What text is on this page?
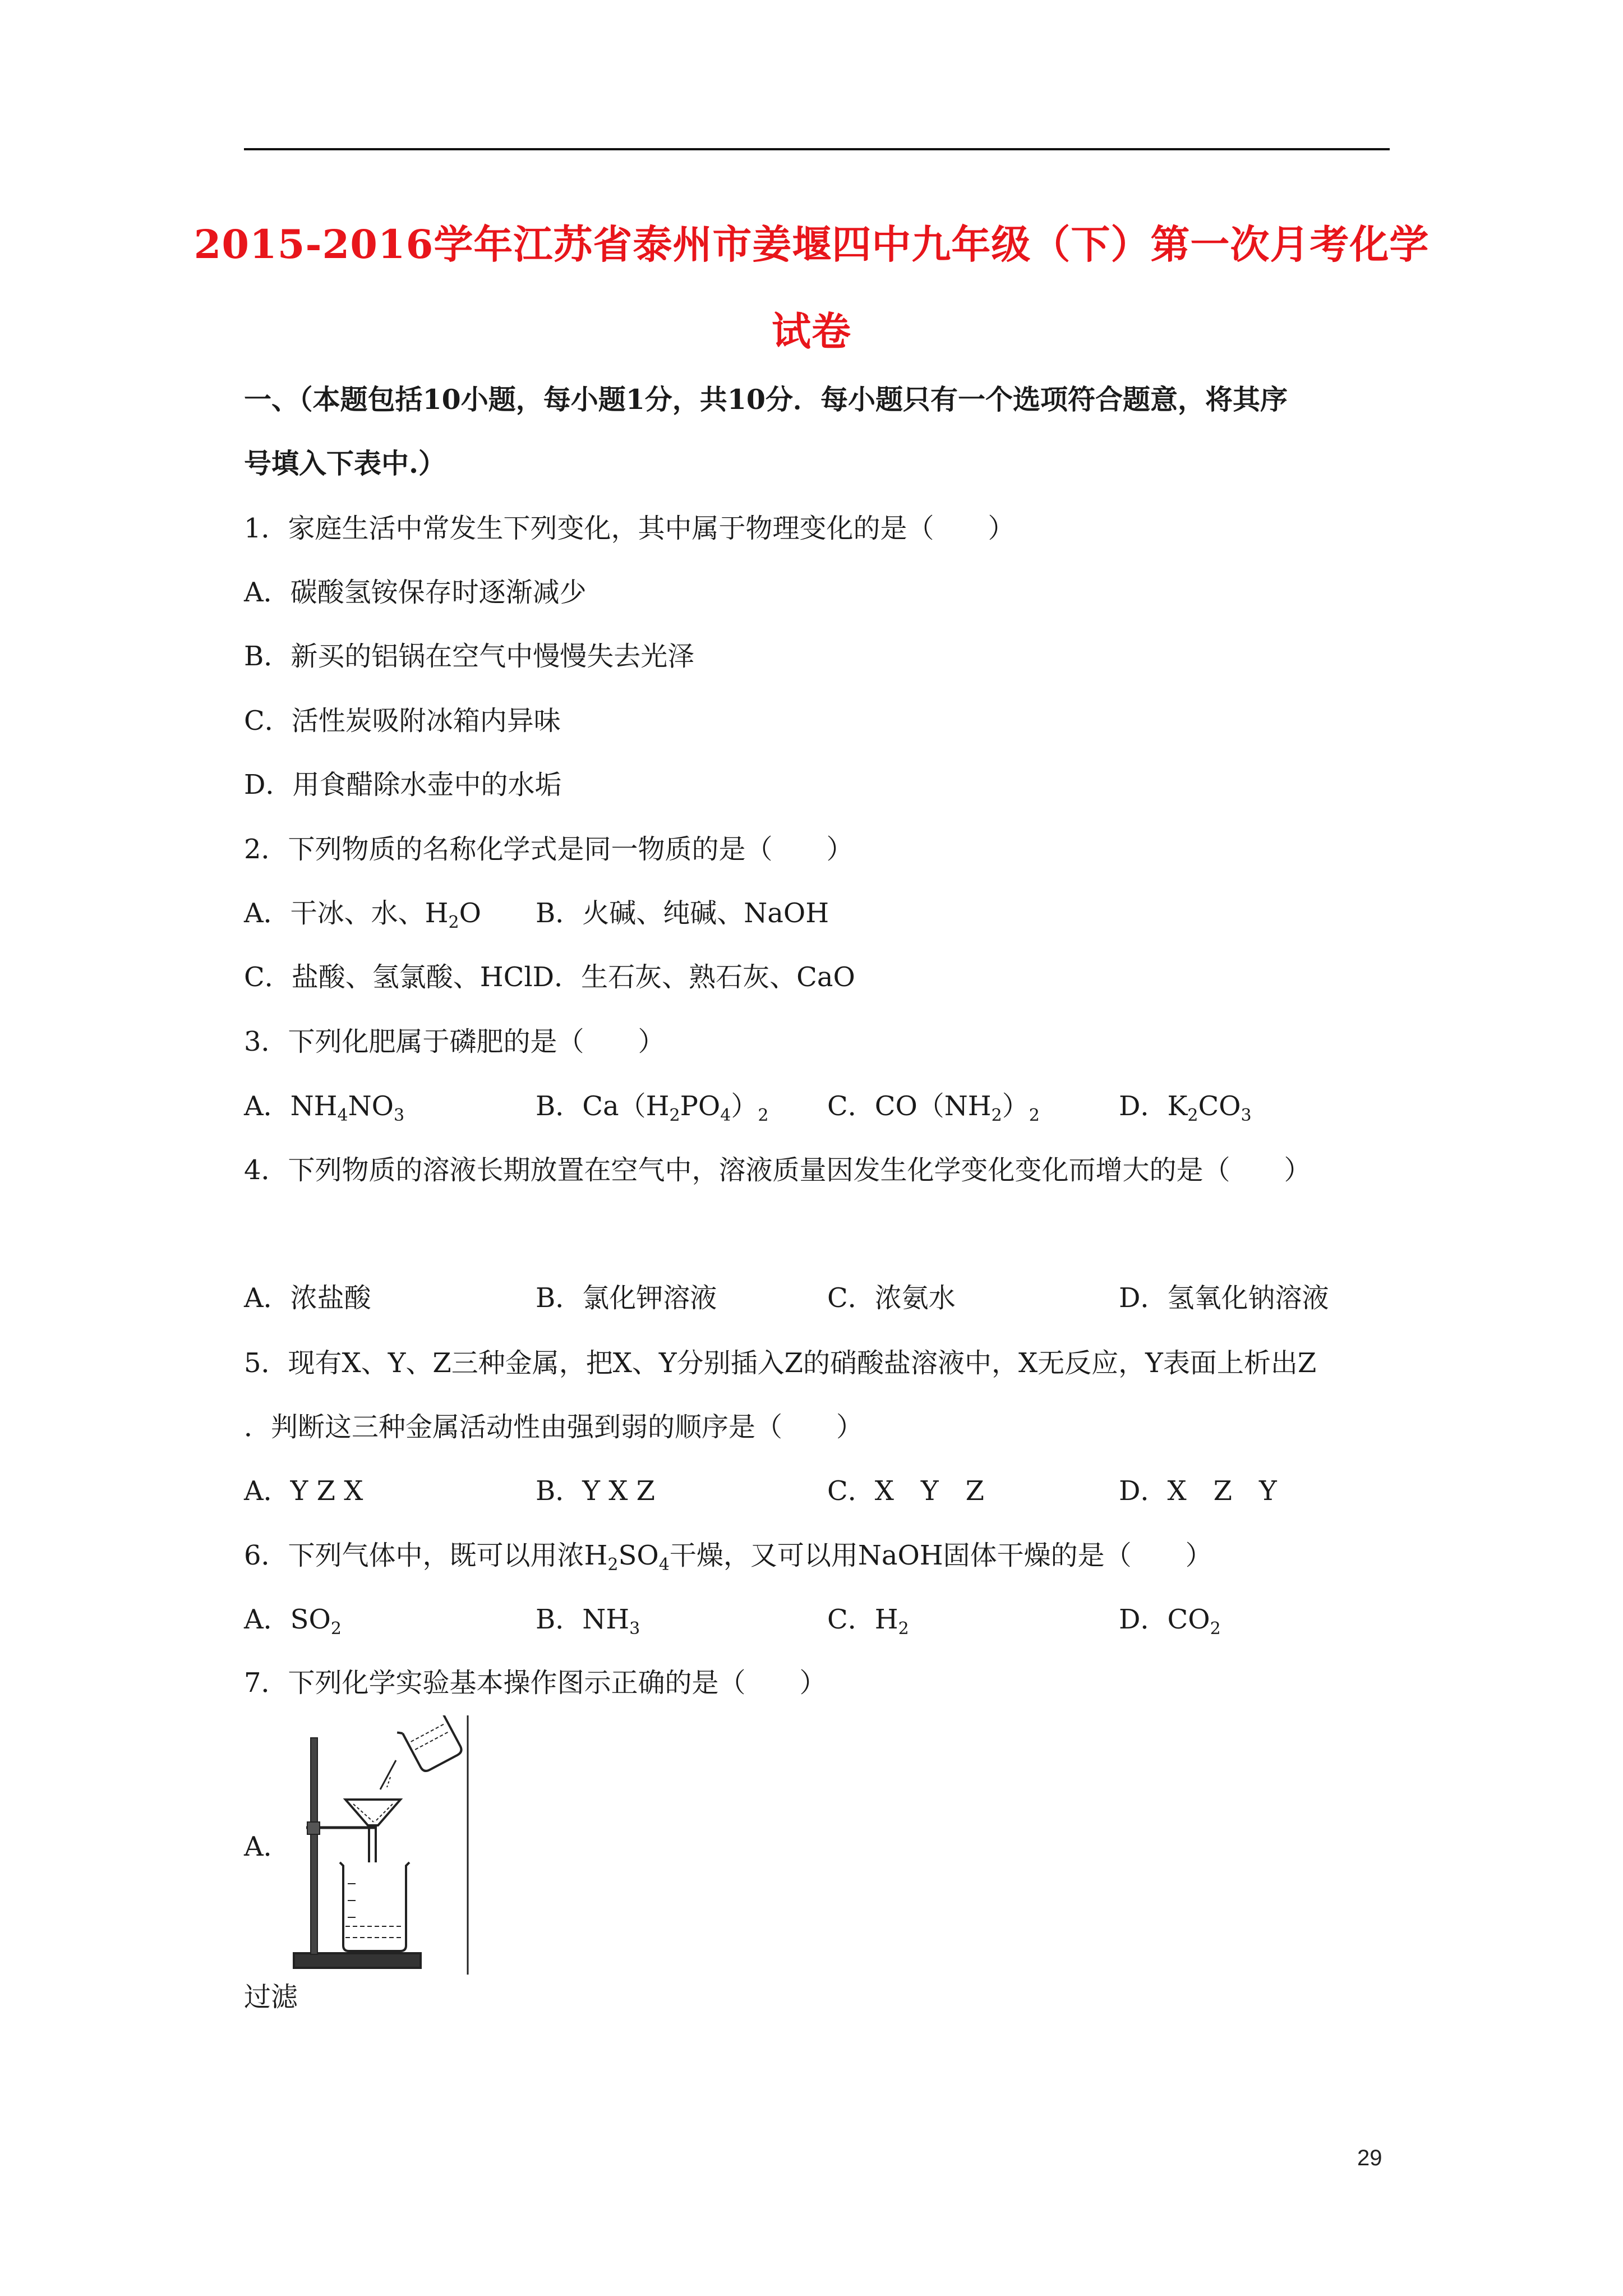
2015-2016学年江苏省泰州市姜堰四中九年级（下）第一次月考化学
试卷
一、（本题包括10小题，每小题1分，共10分．每小题只有一个选项符合题意，将其序
号填入下表中.）
1．家庭生活中常发生下列变化，其中属于物理变化的是（　　）
A．碳酸氢铵保存时逐渐减少
B．新买的铝锅在空气中慢慢失去光泽
C．活性炭吸附冰箱内异味
D．用食醋除水壶中的水垢
2．下列物质的名称化学式是同一物质的是（　　）
A．干冰、水、$H_2O$ B．火碱、纯碱、NaOH
C．盐酸、氢氯酸、HClD．生石灰、熟石灰、CaO
3．下列化肥属于磷肥的是（　　）
A．$NH_4NO_3$	B．$Ca(H_2PO_4)_2$ C．$CO(NH_2)_2$	D．$K_2CO_3$
4．下列物质的溶液长期放置在空气中，溶液质量因发生化学变化变化而增大的是（　　）
A．浓盐酸	B．氯化钾溶液	C．浓氨水	D．氢氧化钠溶液
5．现有X、Y、Z三种金属，把X、Y分别插入Z的硝酸盐溶液中，X无反应，Y表面上析出Z
．判断这三种金属活动性由强到弱的顺序是（　　）
A．Y Z X	B．Y X Z	C．X　Y　Z	D．X　Z　Y
6．下列气体中，既可以用浓$H_2SO_4$干燥，又可以用NaOH固体干燥的是（　　）
A．$SO_2$	B．$NH_3$	C．$H_2$	D．$CO_2$
7．下列化学实验基本操作图示正确的是（　　）
A．
过滤
29
